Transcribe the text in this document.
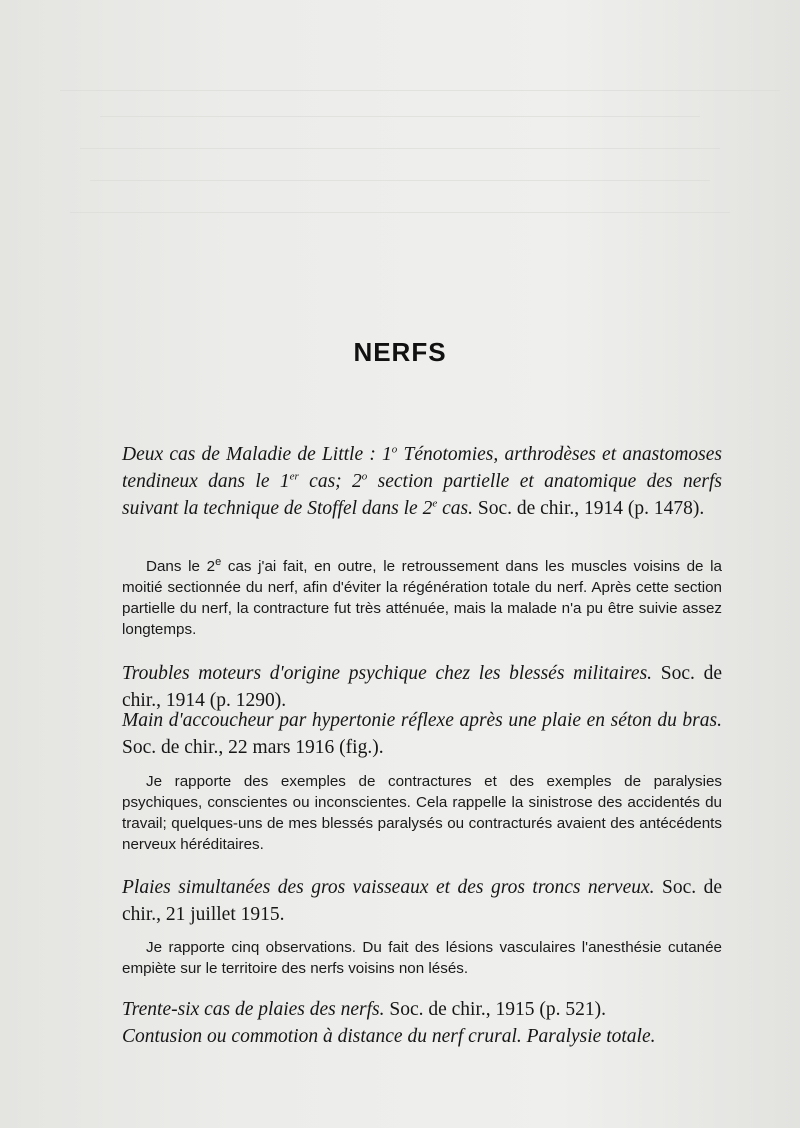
NERFS
Deux cas de Maladie de Little : 1$^o$ Ténotomies, arthrodèses et anastomoses tendineux dans le 1er cas; 2$^o$ section partielle et anatomique des nerfs suivant la technique de Stoffel dans le 2e cas. Soc. de chir., 1914 (p. 1478).

Dans le 2e cas j'ai fait, en outre, le retroussement dans les muscles voisins de la moitié sectionnée du nerf, afin d'éviter la régénération totale du nerf. Après cette section partielle du nerf, la contracture fut très atténuée, mais la malade n'a pu être suivie assez longtemps.

Troubles moteurs d'origine psychique chez les blessés militaires. Soc. de chir., 1914 (p. 1290).
Main d'accoucheur par hypertonie réflexe après une plaie en séton du bras. Soc. de chir., 22 mars 1916 (fig.).

Je rapporte des exemples de contractures et des exemples de paralysies psychiques, conscientes ou inconscientes. Cela rappelle la sinistrose des accidentés du travail; quelques-uns de mes blessés paralysés ou contracturés avaient des antécédents nerveux héréditaires.

Plaies simultanées des gros vaisseaux et des gros troncs nerveux. Soc. de chir., 21 juillet 1915.

Je rapporte cinq observations. Du fait des lésions vasculaires l'anesthésie cutanée empiète sur le territoire des nerfs voisins non lésés.

Trente-six cas de plaies des nerfs. Soc. de chir., 1915 (p. 521).
Contusion ou commotion à distance du nerf crural. Paralysie totale.
